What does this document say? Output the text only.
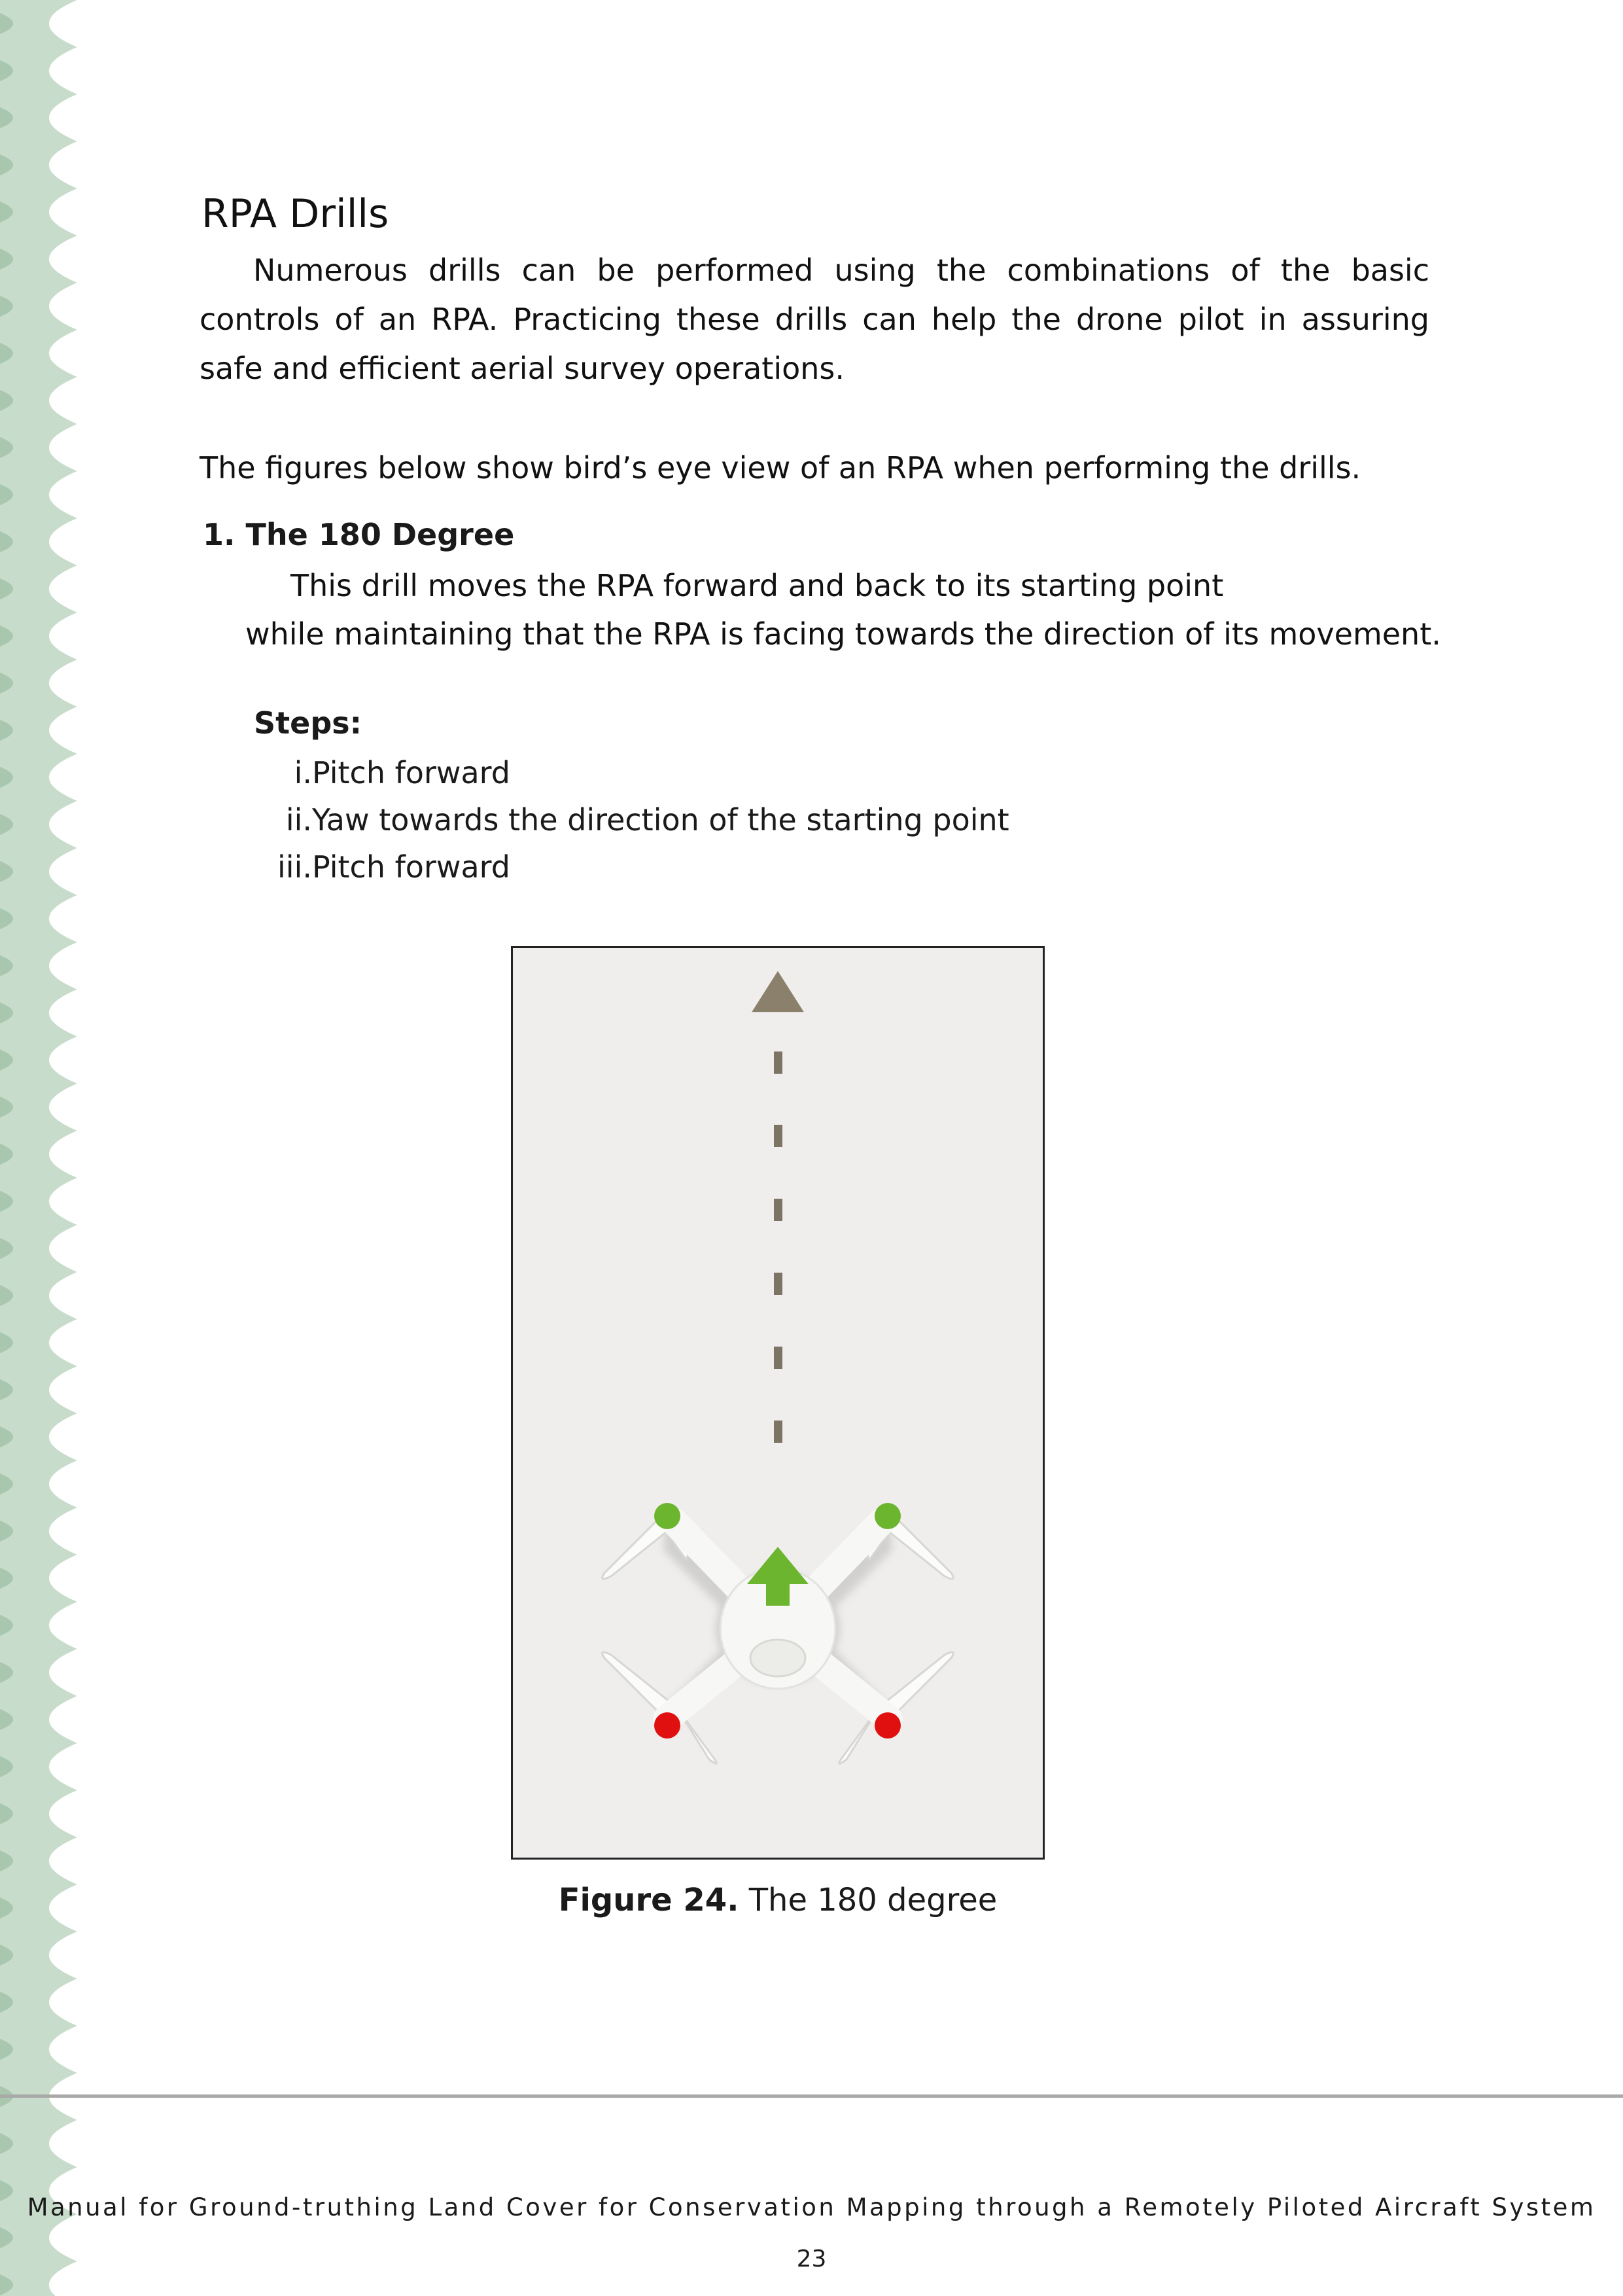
RPA Drills

Numerous drills can be performed using the combinations of the basic controls of an RPA. Practicing these drills can help the drone pilot in assuring safe and efficient aerial survey operations.

The figures below show bird’s eye view of an RPA when performing the drills.

1. The 180 Degree

This drill moves the RPA forward and back to its starting point

while maintaining that the RPA is facing towards the direction of its movement.

Steps:

i. Pitch forward
ii. Yaw towards the direction of the starting point
iii. Pitch forward

Figure 24. The 180 degree

Manual for Ground-truthing Land Cover for Conservation Mapping through a Remotely Piloted Aircraft System

23
